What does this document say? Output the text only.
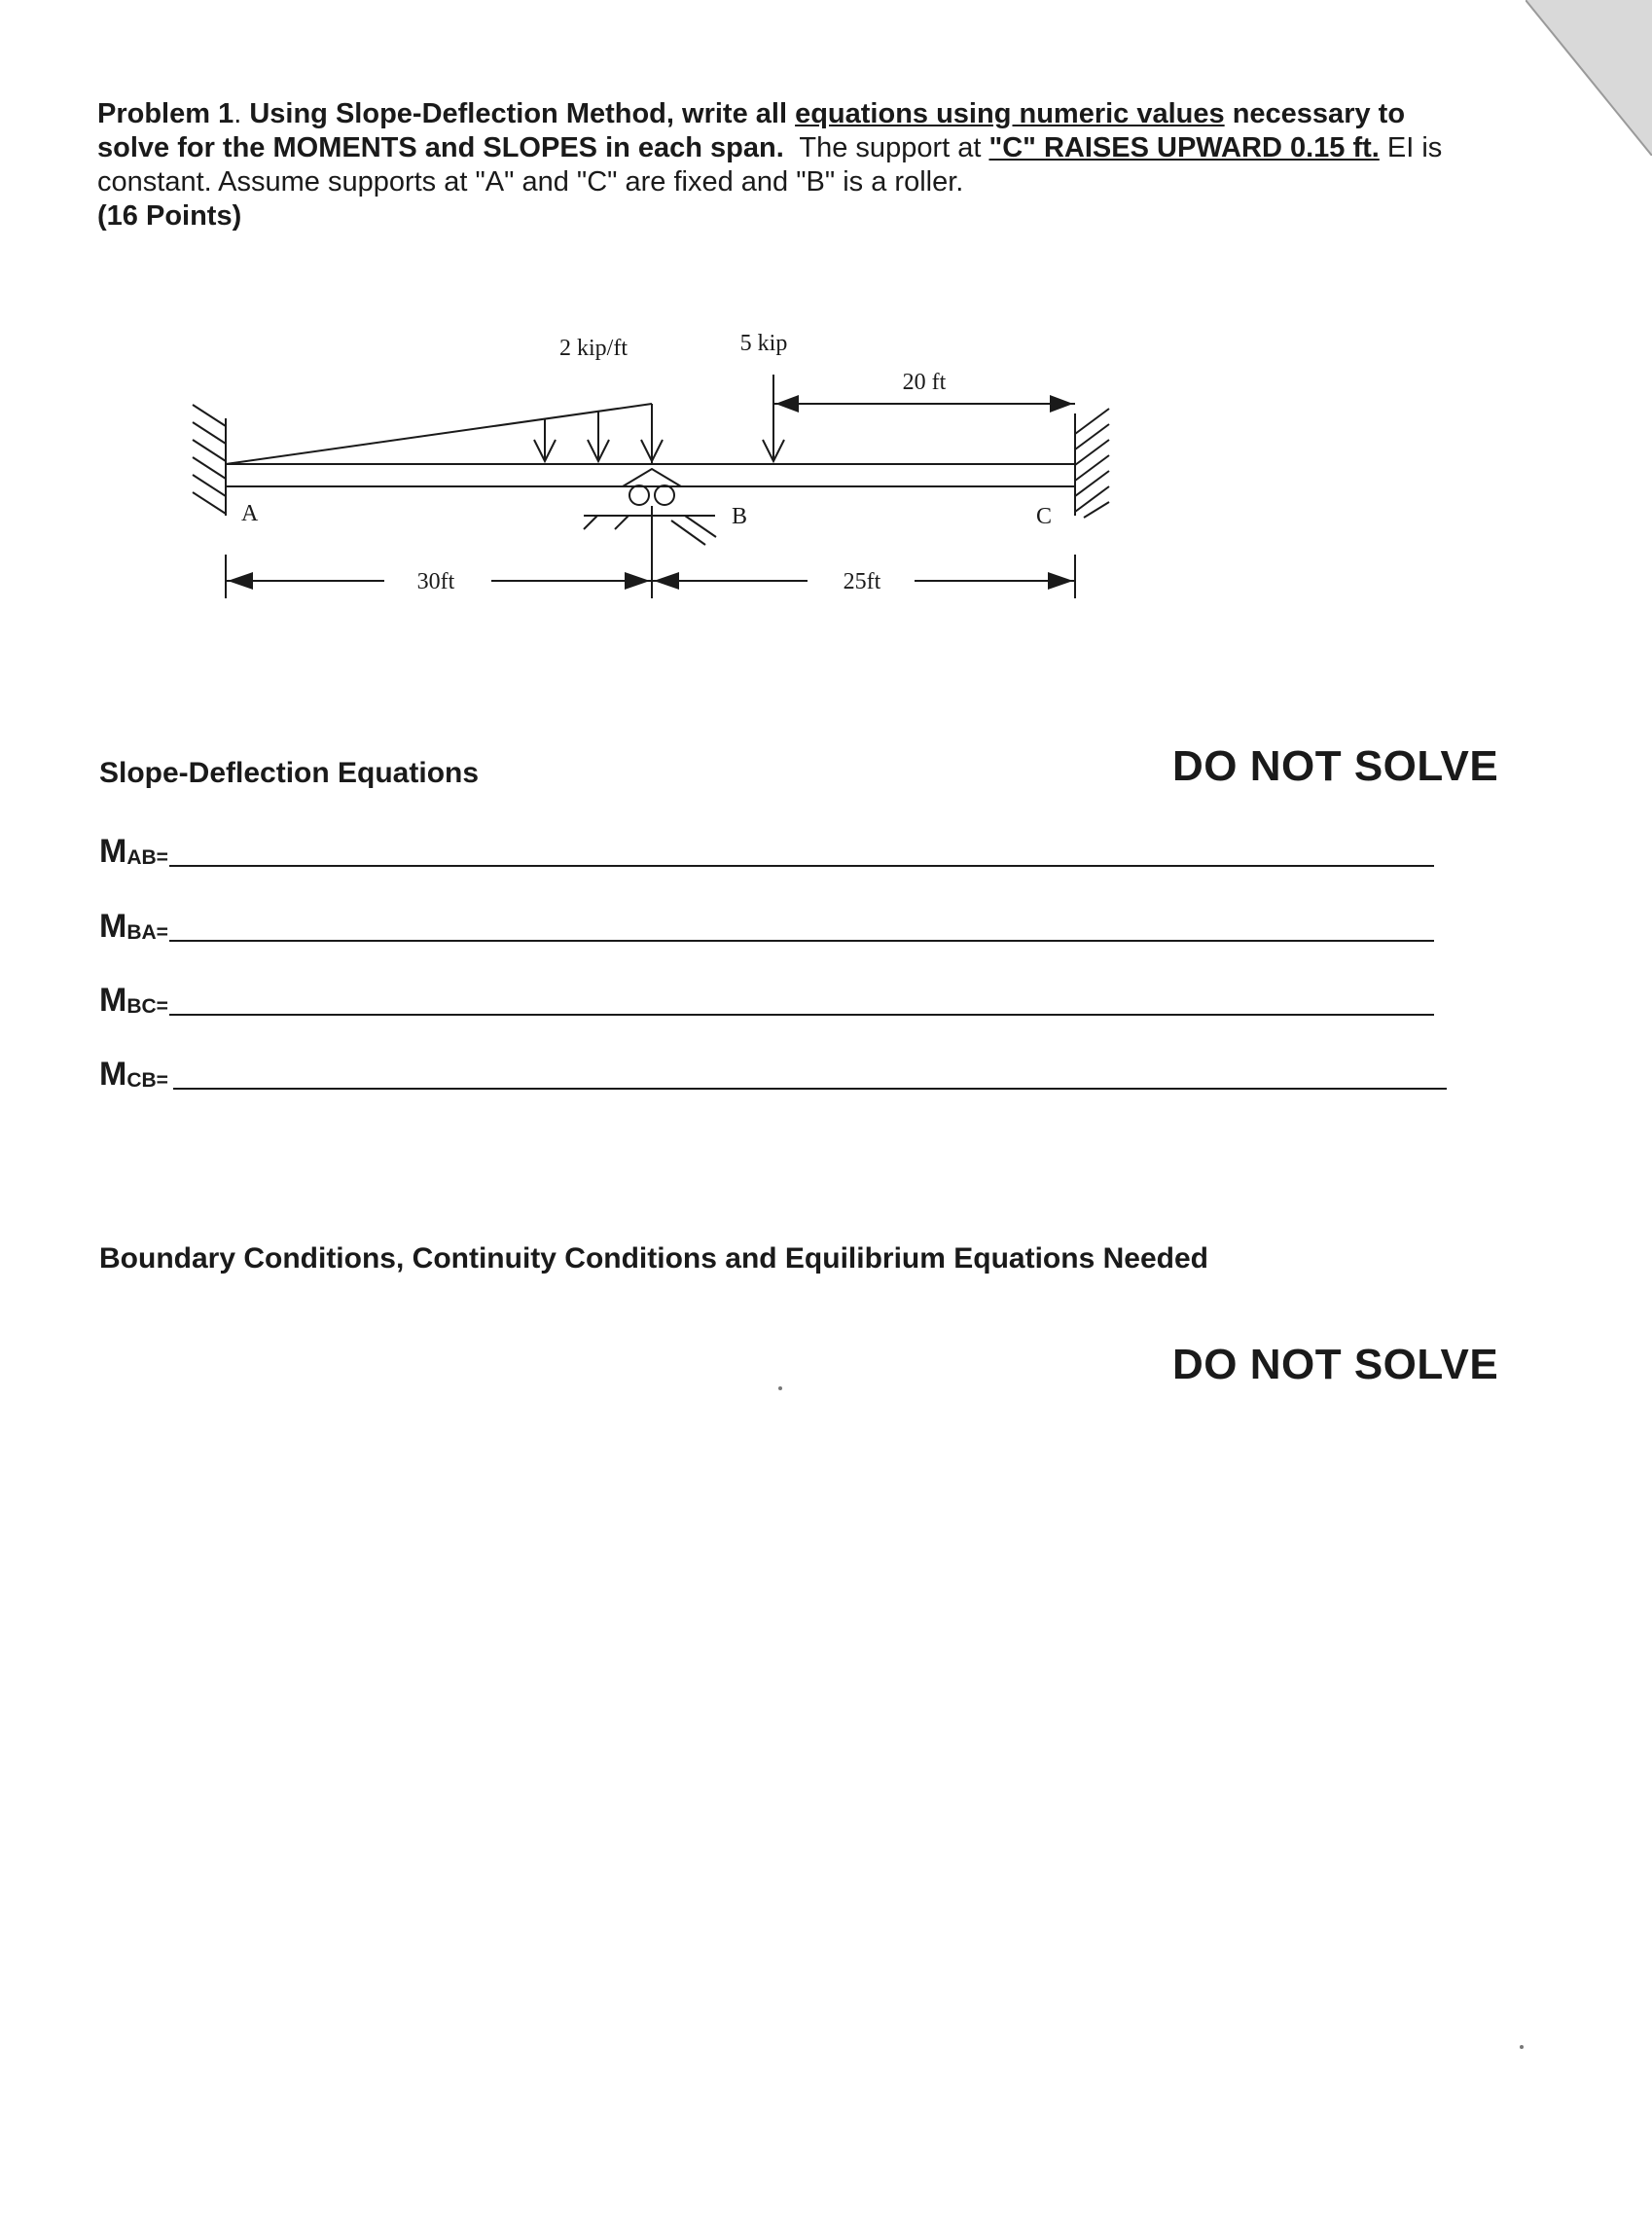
Problem 1. Using Slope-Deflection Method, write all equations using numeric values necessary to
solve for the MOMENTS and SLOPES in each span. The support at "C" RAISES UPWARD 0.15 ft. EI is
constant. Assume supports at "A" and "C" are fixed and "B" is a roller.
(16 Points)
2 kip/ft	5 kip
20 ft
A	B	C
30ft	25ft
Slope-Deflection Equations	DO NOT SOLVE
$M_{AB=}$
$M_{BA=}$
$M_{BC=}$
$M_{CB=}$
Boundary Conditions, Continuity Conditions and Equilibrium Equations Needed
DO NOT SOLVE
